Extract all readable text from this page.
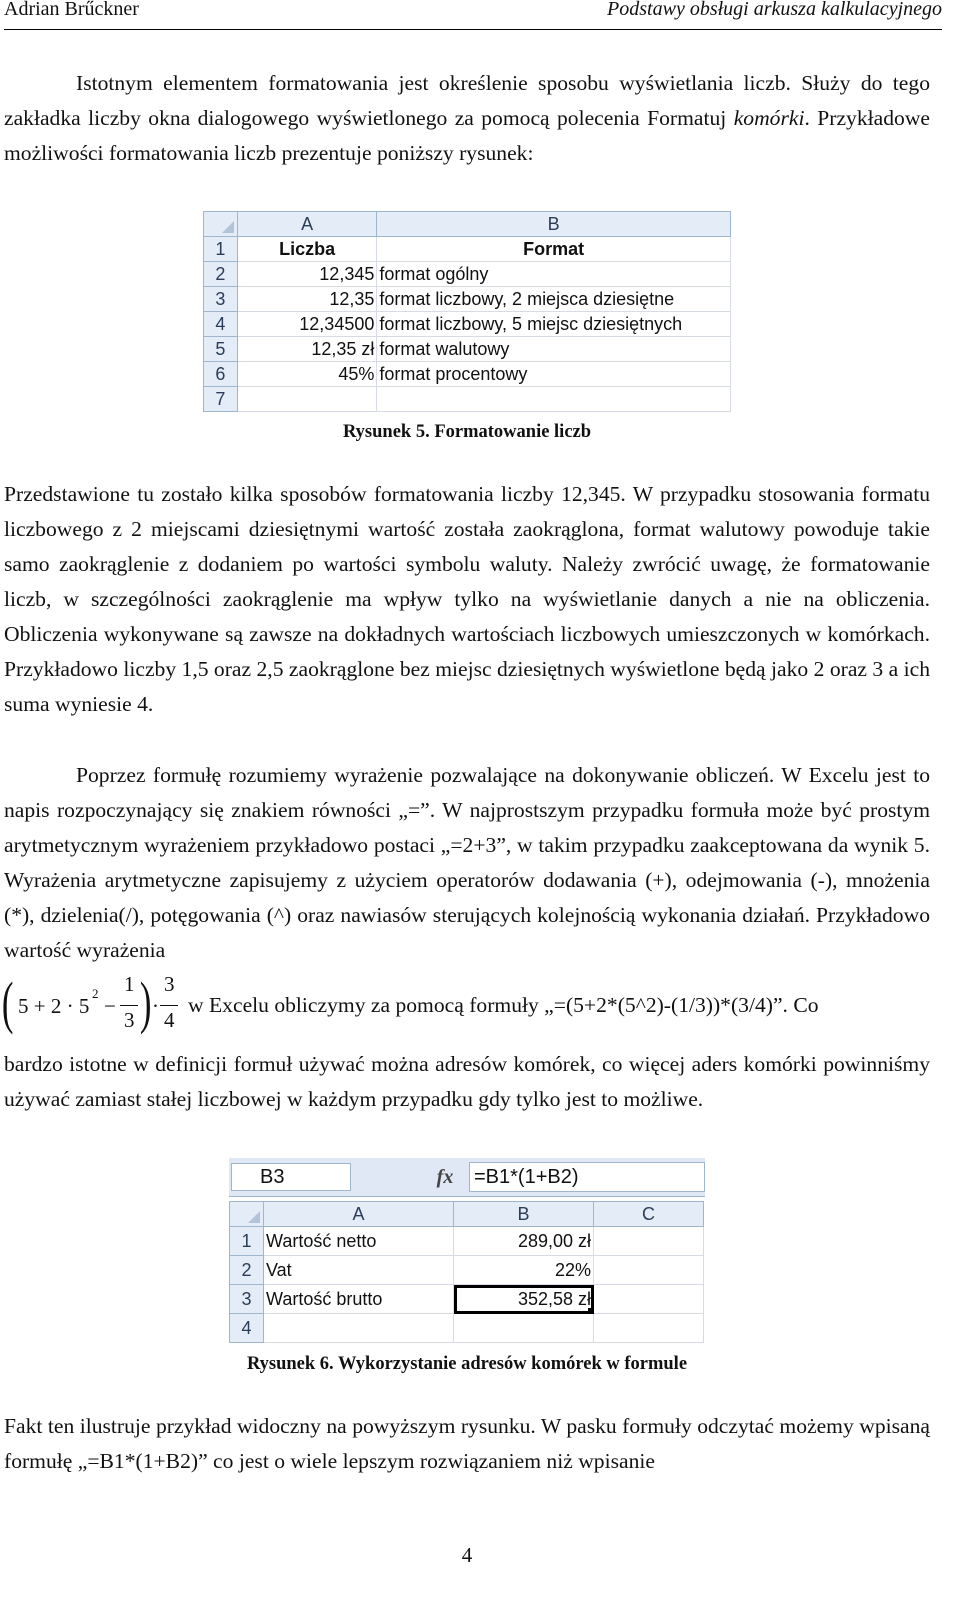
Adrian Brűckner	Podstawy obsługi arkusza kalkulacyjnego

Istotnym elementem formatowania jest określenie sposobu wyświetlania liczb. Służy do tego zakładka liczby okna dialogowego wyświetlonego za pomocą polecenia Formatuj komórki. Przykładowe możliwości formatowania liczb prezentuje poniższy rysunek:

	A	B
1	Liczba	Format
2	12,345	format ogólny
3	12,35	format liczbowy, 2 miejsca dziesiętne
4	12,34500	format liczbowy, 5 miejsc dziesiętnych
5	12,35 zł	format walutowy
6	45%	format procentowy
7		
Rysunek 5. Formatowanie liczb

Przedstawione tu zostało kilka sposobów formatowania liczby 12,345. W przypadku stosowania formatu liczbowego z 2 miejscami dziesiętnymi wartość została zaokrąglona, format walutowy powoduje takie samo zaokrąglenie z dodaniem po wartości symbolu waluty. Należy zwrócić uwagę, że formatowanie liczb, w szczególności zaokrąglenie ma wpływ tylko na wyświetlanie danych a nie na obliczenia. Obliczenia wykonywane są zawsze na dokładnych wartościach liczbowych umieszczonych w komórkach. Przykładowo liczby 1,5 oraz 2,5 zaokrąglone bez miejsc dziesiętnych wyświetlone będą jako 2 oraz 3 a ich suma wyniesie 4.

Poprzez formułę rozumiemy wyrażenie pozwalające na dokonywanie obliczeń. W Excelu jest to napis rozpoczynający się znakiem równości „=”. W najprostszym przypadku formuła może być prostym arytmetycznym wyrażeniem przykładowo postaci „=2+3”, w takim przypadku zaakceptowana da wynik 5. Wyrażenia arytmetyczne zapisujemy z użyciem operatorów dodawania (+), odejmowania (-), mnożenia (*), dzielenia(/), potęgowania (^) oraz nawiasów sterujących kolejnością wykonania działań. Przykładowo wartość wyrażenia

( 5 + 2 · 5
2
−
1
3 ) ·
3
4

w Excelu obliczymy za pomocą formuły „=(5+2*(5^2)-(1/3))*(3/4)”. Co

bardzo istotne w definicji formuł używać można adresów komórek, co więcej aders komórki powinniśmy używać zamiast stałej liczbowej w każdym przypadku gdy tylko jest to możliwe.

B3	fx	=B1*(1+B2)
	A	B	C
1	Wartość netto	289,00 zł	
2	Vat	22%	
3	Wartość brutto	352,58 zł

4			
Rysunek 6. Wykorzystanie adresów komórek w formule

Fakt ten ilustruje przykład widoczny na powyższym rysunku. W pasku formuły odczytać możemy wpisaną formułę „=B1*(1+B2)” co jest o wiele lepszym rozwiązaniem niż wpisanie

4
